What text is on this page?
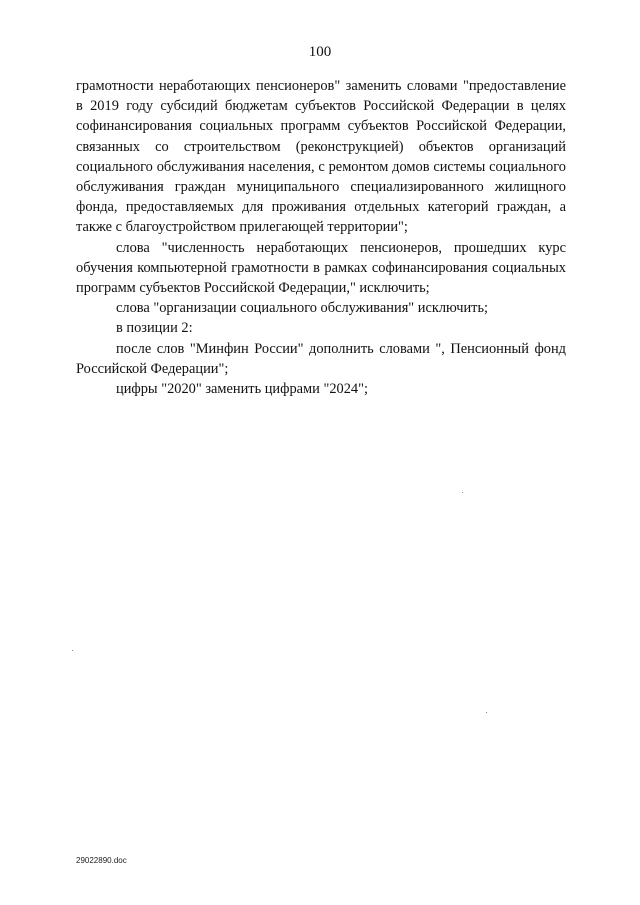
100

грамотности неработающих пенсионеров" заменить словами "предоставление в 2019 году субсидий бюджетам субъектов Российской Федерации в целях софинансирования социальных программ субъектов Российской Федерации, связанных со строительством (реконструкцией) объектов организаций социального обслуживания населения, с ремонтом домов системы социального обслуживания граждан муниципального специализированного жилищного фонда, предоставляемых для проживания отдельных категорий граждан, а также с благоустройством прилегающей территории";

слова "численность неработающих пенсионеров, прошедших курс обучения компьютерной грамотности в рамках софинансирования социальных программ субъектов Российской Федерации," исключить;

слова "организации социального обслуживания" исключить;

в позиции 2:

после слов "Минфин России" дополнить словами ", Пенсионный фонд Российской Федерации";

цифры "2020" заменить цифрами "2024";

29022890.doc
